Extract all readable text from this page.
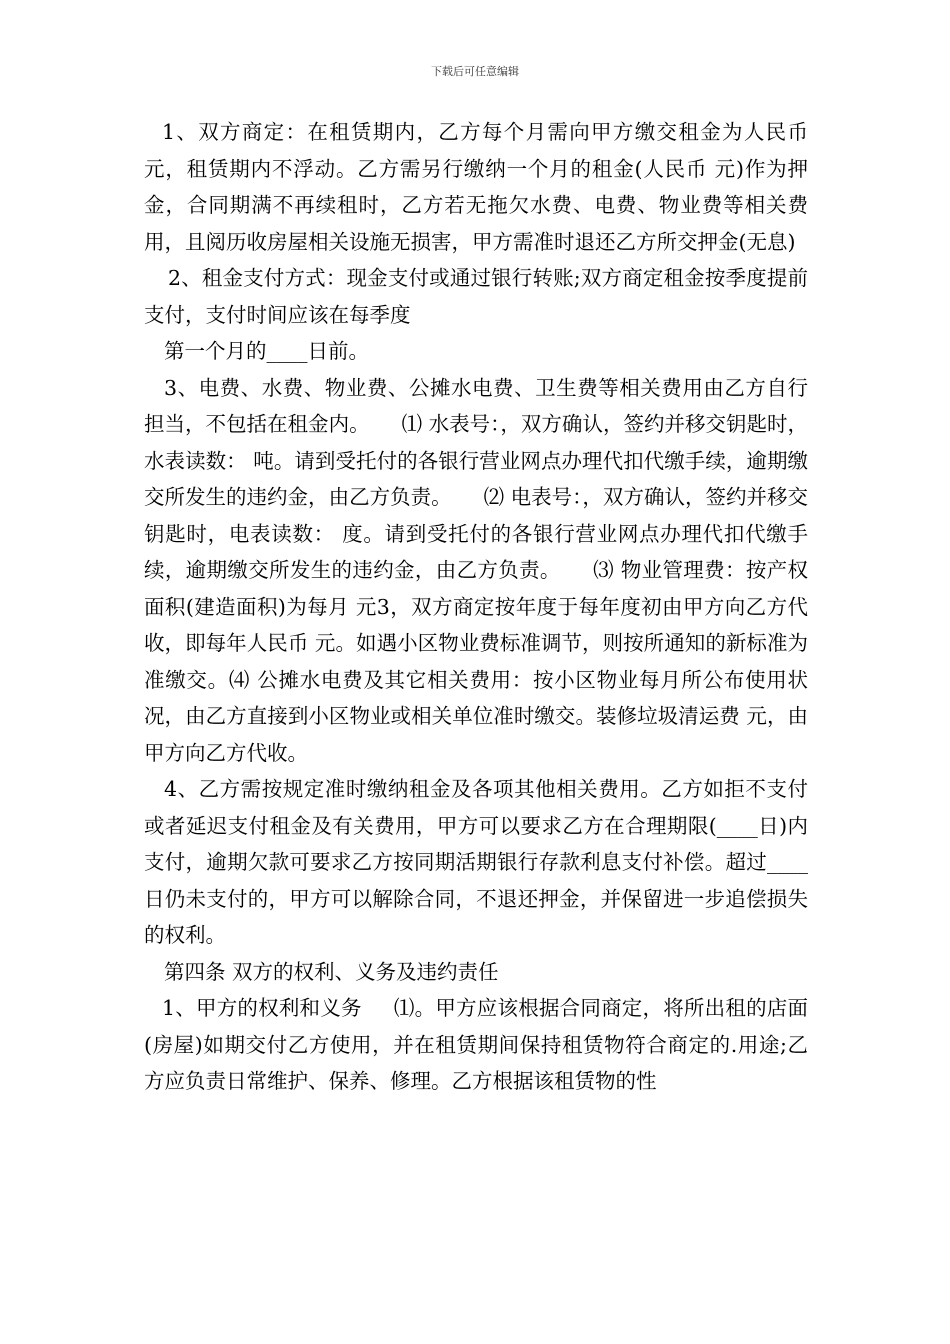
下载后可任意编辑

1、双方商定：在租赁期内，乙方每个月需向甲方缴交租金为人民币 元，租赁期内不浮动。乙方需另行缴纳一个月的租金(人民币 元)作为押金，合同期满不再续租时，乙方若无拖欠水费、电费、物业费等相关费用，且阅历收房屋相关设施无损害，甲方需准时退还乙方所交押金(无息)

2、租金支付方式：现金支付或通过银行转账;双方商定租金按季度提前支付，支付时间应该在每季度

第一个月的____日前。

3、电费、水费、物业费、公摊水电费、卫生费等相关费用由乙方自行担当，不包括在租金内。 ⑴ 水表号：，双方确认，签约并移交钥匙时，水表读数： 吨。请到受托付的各银行营业网点办理代扣代缴手续，逾期缴交所发生的违约金，由乙方负责。 ⑵ 电表号：，双方确认，签约并移交钥匙时，电表读数： 度。请到受托付的各银行营业网点办理代扣代缴手续，逾期缴交所发生的违约金，由乙方负责。 ⑶ 物业管理费：按产权面积(建造面积)为每月 元3，双方商定按年度于每年度初由甲方向乙方代收，即每年人民币 元。如遇小区物业费标准调节，则按所通知的新标准为准缴交。⑷ 公摊水电费及其它相关费用：按小区物业每月所公布使用状况，由乙方直接到小区物业或相关单位准时缴交。装修垃圾清运费 元，由甲方向乙方代收。

4、乙方需按规定准时缴纳租金及各项其他相关费用。乙方如拒不支付或者延迟支付租金及有关费用，甲方可以要求乙方在合理期限(____日)内支付，逾期欠款可要求乙方按同期活期银行存款利息支付补偿。超过____日仍未支付的，甲方可以解除合同，不退还押金，并保留进一步追偿损失的权利。

第四条 双方的权利、义务及违约责任

1、甲方的权利和义务 ⑴。甲方应该根据合同商定，将所出租的店面(房屋)如期交付乙方使用，并在租赁期间保持租赁物符合商定的.用途;乙方应负责日常维护、保养、修理。乙方根据该租赁物的性
